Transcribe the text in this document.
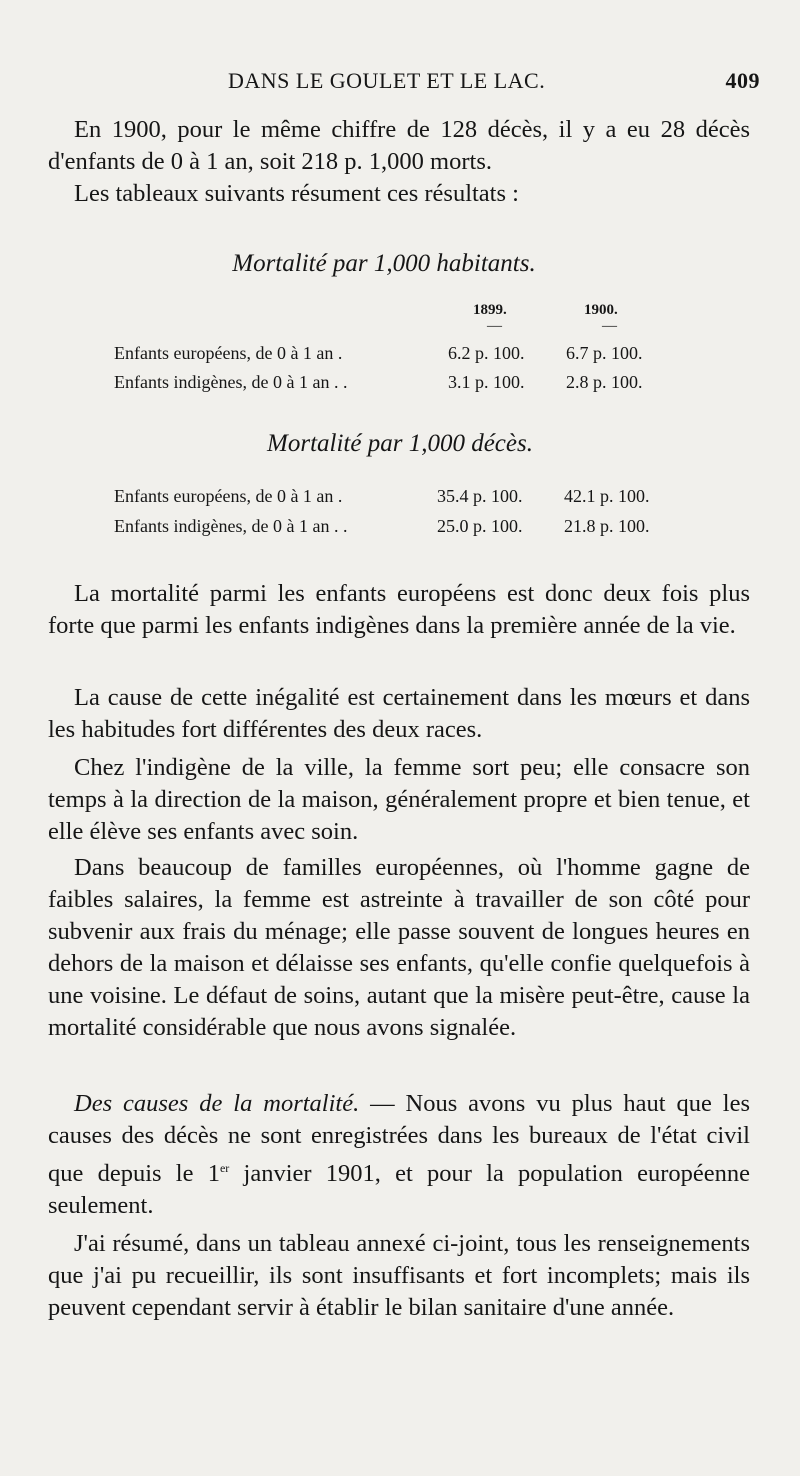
DANS LE GOULET ET LE LAC.	409
En 1900, pour le même chiffre de 128 décès, il y a eu 28 décès d'enfants de 0 à 1 an, soit 218 p. 1,000 morts.
Les tableaux suivants résument ces résultats :
Mortalité par 1,000 habitants.
1899.	1900.
—	—
Enfants européens, de 0 à 1 an .	6.2 p. 100. 6.7 p. 100.
Enfants indigènes, de 0 à 1 an . .	3.1 p. 100. 2.8 p. 100.
Mortalité par 1,000 décès.
Enfants européens, de 0 à 1 an .	35.4 p. 100. 42.1 p. 100.
Enfants indigènes, de 0 à 1 an . .	25.0 p. 100. 21.8 p. 100.
La mortalité parmi les enfants européens est donc deux fois plus forte que parmi les enfants indigènes dans la première année de la vie.
La cause de cette inégalité est certainement dans les mœurs et dans les habitudes fort différentes des deux races.
Chez l'indigène de la ville, la femme sort peu; elle consacre son temps à la direction de la maison, généralement propre et bien tenue, et elle élève ses enfants avec soin.
Dans beaucoup de familles européennes, où l'homme gagne de faibles salaires, la femme est astreinte à travailler de son côté pour subvenir aux frais du ménage; elle passe souvent de longues heures en dehors de la maison et délaisse ses enfants, qu'elle confie quelquefois à une voisine. Le défaut de soins, autant que la misère peut-être, cause la mortalité considérable que nous avons signalée.
Des causes de la mortalité. — Nous avons vu plus haut que les causes des décès ne sont enregistrées dans les bureaux de l'état civil que depuis le 1er janvier 1901, et pour la population européenne seulement.
J'ai résumé, dans un tableau annexé ci-joint, tous les renseignements que j'ai pu recueillir, ils sont insuffisants et fort incomplets; mais ils peuvent cependant servir à établir le bilan sanitaire d'une année.
